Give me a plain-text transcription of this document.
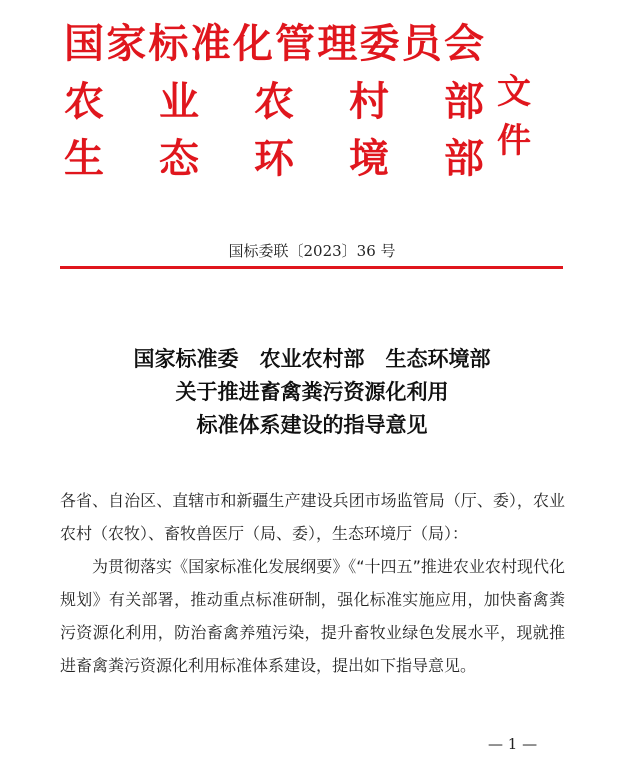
国 家 标 准 化 管 理 委 员 会
农 业 农 村 部
生 态 环 境 部
文件
国标委联〔2023〕36 号
国家标准委　农业农村部　生态环境部
关于推进畜禽粪污资源化利用
标准体系建设的指导意见

各省、自治区、直辖市和新疆生产建设兵团市场监管局（厅、委），农业农村（农牧）、畜牧兽医厅（局、委），生态环境厅（局）：

为贯彻落实《国家标准化发展纲要》《“十四五”推进农业农村现代化规划》有关部署，推动重点标准研制，强化标准实施应用，加快畜禽粪污资源化利用，防治畜禽养殖污染，提升畜牧业绿色发展水平，现就推进畜禽粪污资源化利用标准体系建设，提出如下指导意见。

— 1 —
